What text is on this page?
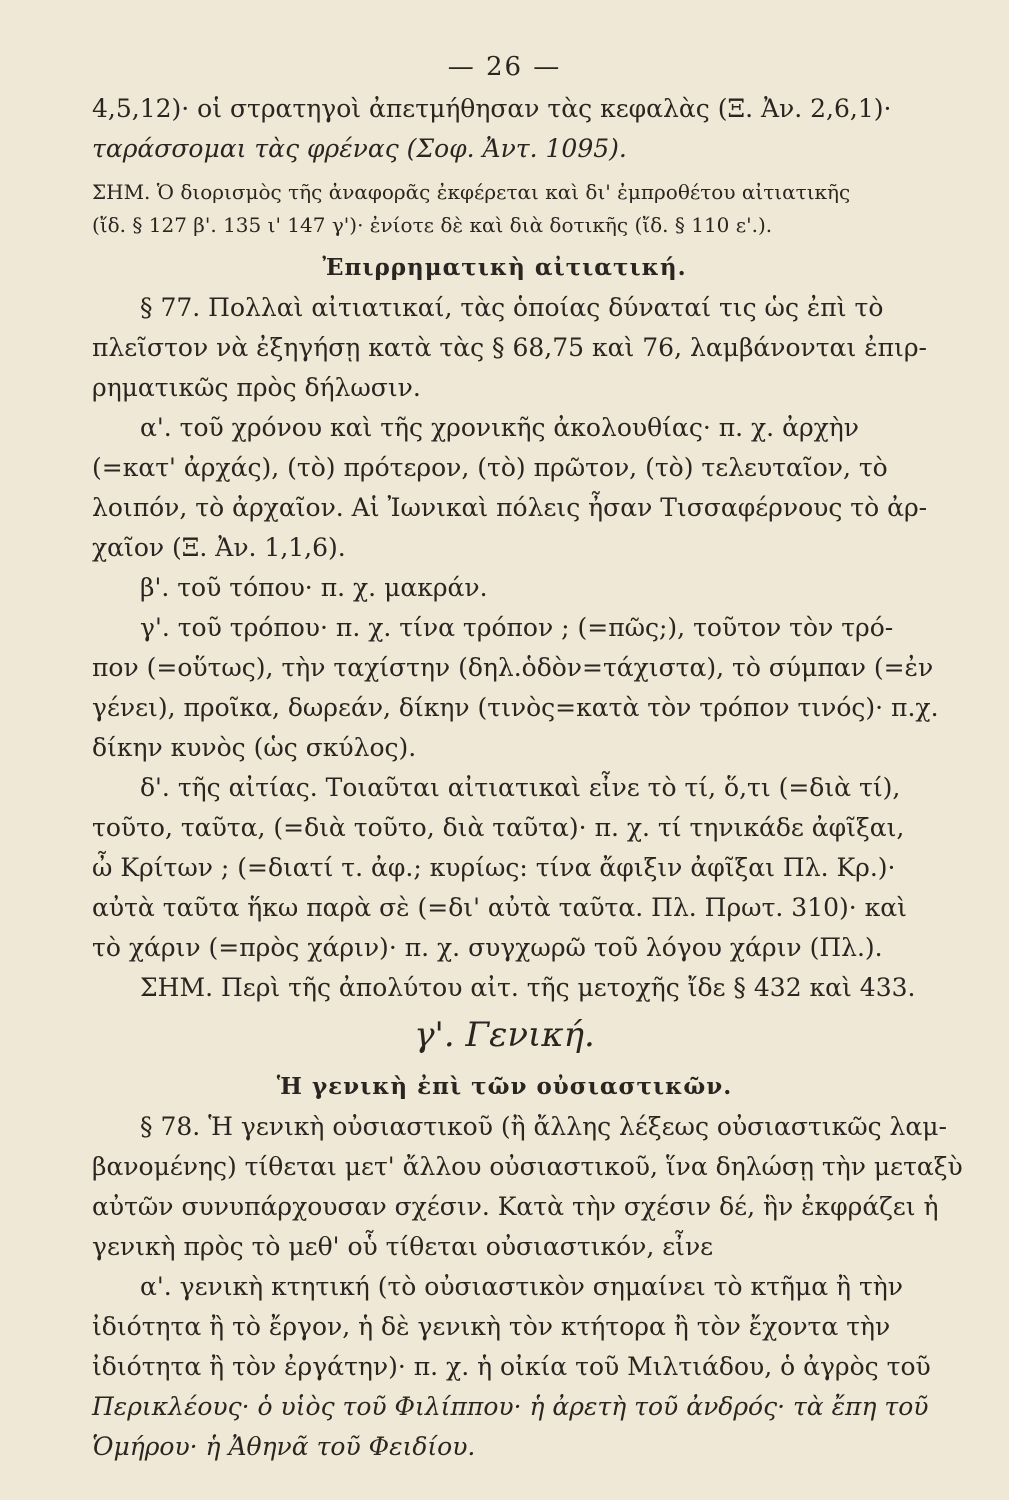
— 26 —
4,5,12)· οἱ στρατηγοὶ ἀπετμήθησαν τὰς κεφαλὰς (Ξ. Ἀν. 2,6,1)·
ταράσσομαι τὰς φρένας (Σοφ. Ἀντ. 1095).
ΣΗΜ. Ὁ διορισμὸς τῆς ἀναφορᾶς ἐκφέρεται καὶ δι' ἐμπροθέτου αἰτιατικῆς
(ἴδ. § 127 β'. 135 ι' 147 γ')· ἐνίοτε δὲ καὶ διὰ δοτικῆς (ἴδ. § 110 ε'.).
Ἐπιρρηματικὴ αἰτιατική.
§ 77. Πολλαὶ αἰτιατικαί, τὰς ὁποίας δύναταί τις ὡς ἐπὶ τὸ
πλεῖστον νὰ ἐξηγήσῃ κατὰ τὰς § 68,75 καὶ 76, λαμβάνονται ἐπιρ-
ρηματικῶς πρὸς δήλωσιν.
α'. τοῦ χρόνου καὶ τῆς χρονικῆς ἀκολουθίας· π. χ. ἀρχὴν
(=κατ' ἀρχάς), (τὸ) πρότερον, (τὸ) πρῶτον, (τὸ) τελευταῖον, τὸ
λοιπόν, τὸ ἀρχαῖον. Αἱ Ἰωνικαὶ πόλεις ἦσαν Τισσαφέρνους τὸ ἀρ-
χαῖον (Ξ. Ἀν. 1,1,6).
β'. τοῦ τόπου· π. χ. μακράν.
γ'. τοῦ τρόπου· π. χ. τίνα τρόπον ; (=πῶς;), τοῦτον τὸν τρό-
πον (=οὕτως), τὴν ταχίστην (δηλ.ὁδὸν=τάχιστα), τὸ σύμπαν (=ἐν
γένει), προῖκα, δωρεάν, δίκην (τινὸς=κατὰ τὸν τρόπον τινός)· π.χ.
δίκην κυνὸς (ὡς σκύλος).
δ'. τῆς αἰτίας. Τοιαῦται αἰτιατικαὶ εἶνε τὸ τί, ὅ,τι (=διὰ τί),
τοῦτο, ταῦτα, (=διὰ τοῦτο, διὰ ταῦτα)· π. χ. τί τηνικάδε ἀφῖξαι,
ὦ Κρίτων ; (=διατί τ. ἀφ.; κυρίως: τίνα ἄφιξιν ἀφῖξαι Πλ. Κρ.)·
αὐτὰ ταῦτα ἥκω παρὰ σὲ (=δι' αὐτὰ ταῦτα. Πλ. Πρωτ. 310)· καὶ
τὸ χάριν (=πρὸς χάριν)· π. χ. συγχωρῶ τοῦ λόγου χάριν (Πλ.).
ΣΗΜ. Περὶ τῆς ἀπολύτου αἰτ. τῆς μετοχῆς ἴδε § 432 καὶ 433.
γ'. Γενική.
Ἡ γενικὴ ἐπὶ τῶν οὐσιαστικῶν.
§ 78. Ἡ γενικὴ οὐσιαστικοῦ (ἢ ἄλλης λέξεως οὐσιαστικῶς λαμ-
βανομένης) τίθεται μετ' ἄλλου οὐσιαστικοῦ, ἵνα δηλώσῃ τὴν μεταξὺ
αὐτῶν συνυπάρχουσαν σχέσιν. Κατὰ τὴν σχέσιν δέ, ἣν ἐκφράζει ἡ
γενικὴ πρὸς τὸ μεθ' οὗ τίθεται οὐσιαστικόν, εἶνε
α'. γενικὴ κτητική (τὸ οὐσιαστικὸν σημαίνει τὸ κτῆμα ἢ τὴν
ἰδιότητα ἢ τὸ ἔργον, ἡ δὲ γενικὴ τὸν κτήτορα ἢ τὸν ἔχοντα τὴν
ἰδιότητα ἢ τὸν ἐργάτην)· π. χ. ἡ οἰκία τοῦ Μιλτιάδου, ὁ ἀγρὸς τοῦ
Περικλέους· ὁ υἱὸς τοῦ Φιλίππου· ἡ ἀρετὴ τοῦ ἀνδρός· τὰ ἔπη τοῦ
Ὁμήρου· ἡ Ἀθηνᾶ τοῦ Φειδίου.
